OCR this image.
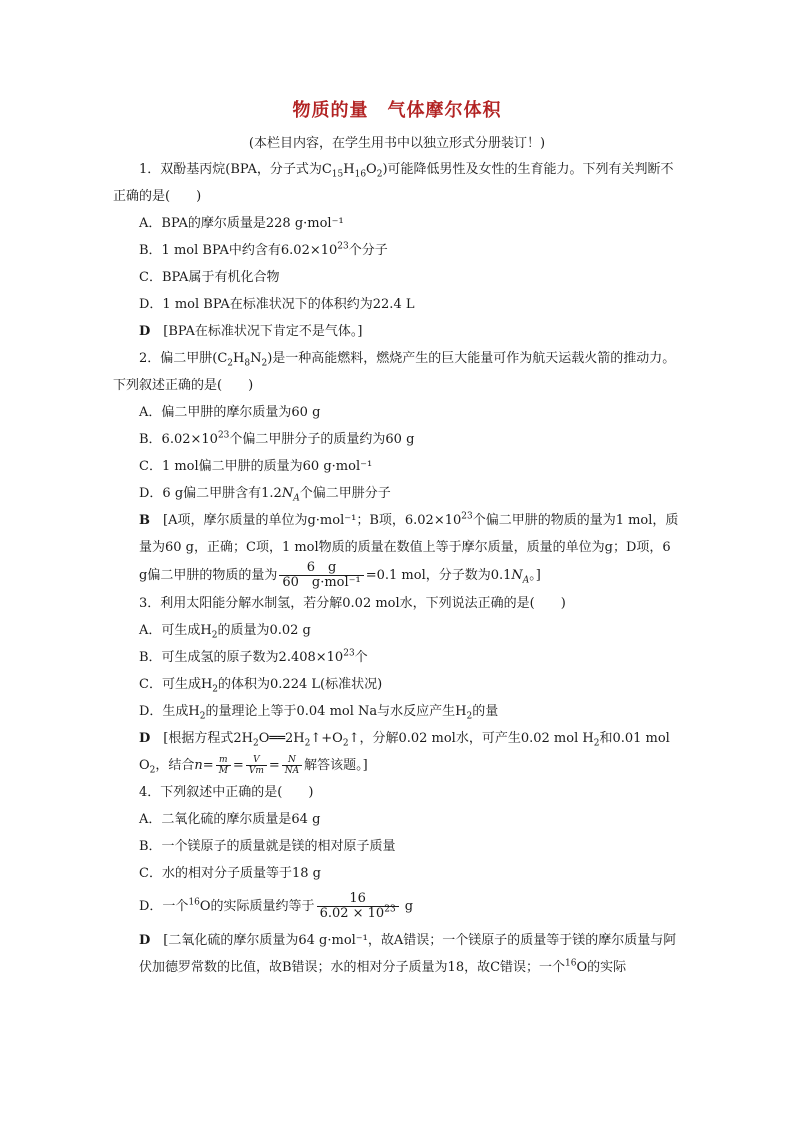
物质的量　气体摩尔体积
(本栏目内容，在学生用书中以独立形式分册装订！)

1．双酚基丙烷(BPA，分子式为$C_{15}H_{16}O_2$)可能降低男性及女性的生育能力。下列有关判断不正确的是(　　)

A．BPA的摩尔质量是228 g·mol⁻¹

B．1 mol BPA中约含有$6.02\times 10^{23}$个分子

C．BPA属于有机化合物

D．1 mol BPA在标准状况下的体积约为22.4 L

D　 [BPA在标准状况下肯定不是气体。]

2．偏二甲肼$(C_2H_8N_2)$是一种高能燃料，燃烧产生的巨大能量可作为航天运载火箭的推动力。下列叙述正确的是(　　)

A．偏二甲肼的摩尔质量为60 g

B．$6.02\times 10^{23}$个偏二甲肼分子的质量约为60 g

C．1 mol偏二甲肼的质量为60 g·mol⁻¹

D．6 g偏二甲肼含有$1.2N_A$个偏二甲肼分子

B　 [A项，摩尔质量的单位为g·mol⁻¹；B项，$6.02\times 10^{23}$个偏二甲肼的物质的量为1 mol，质量为60 g，正确；C项，1 mol物质的质量在数值上等于摩尔质量，质量的单位为g；D项，6 g偏二甲肼的物质的量为 $\frac{6 g}{\text{60　g·mol⁻¹}} =0.1$ mol，分子数为$0.1N_A$。]

3．利用太阳能分解水制氢，若分解0.02 mol水，下列说法正确的是(　　)

A．可生成$H_2$的质量为0.02 g

B．可生成氢的原子数为$2.408\times 10^{23}$个

C．可生成$H_2$的体积为0.224 L(标准状况)

D．生成$H_2$的量理论上等于0.04 mol Na与水反应产生$H_2$的量

D　 [根据方程式$2H_2O══2H_2↑+O_2↑$，分解0.02 mol水，可产生0.02 mol $H_2$和0.01 mol $O_2$，结合$n= \frac{m}{M} = \frac{V}{Vm} = \frac{N}{NA}$ 解答该题。]

4．下列叙述中正确的是(　　)

A．二氧化硫的摩尔质量是64 g

B．一个镁原子的质量就是镁的相对原子质量

C．水的相对分子质量等于18 g

D．一个$^{16}$O的实际质量约等于 $\frac{16}{6.02 \times 10^{23}}$ g

D　 [二氧化硫的摩尔质量为64 g·mol⁻¹，故A错误；一个镁原子的质量等于镁的摩尔质量与阿伏加德罗常数的比值，故B错误；水的相对分子质量为18，故C错误；一个$^{16}$O的实际
